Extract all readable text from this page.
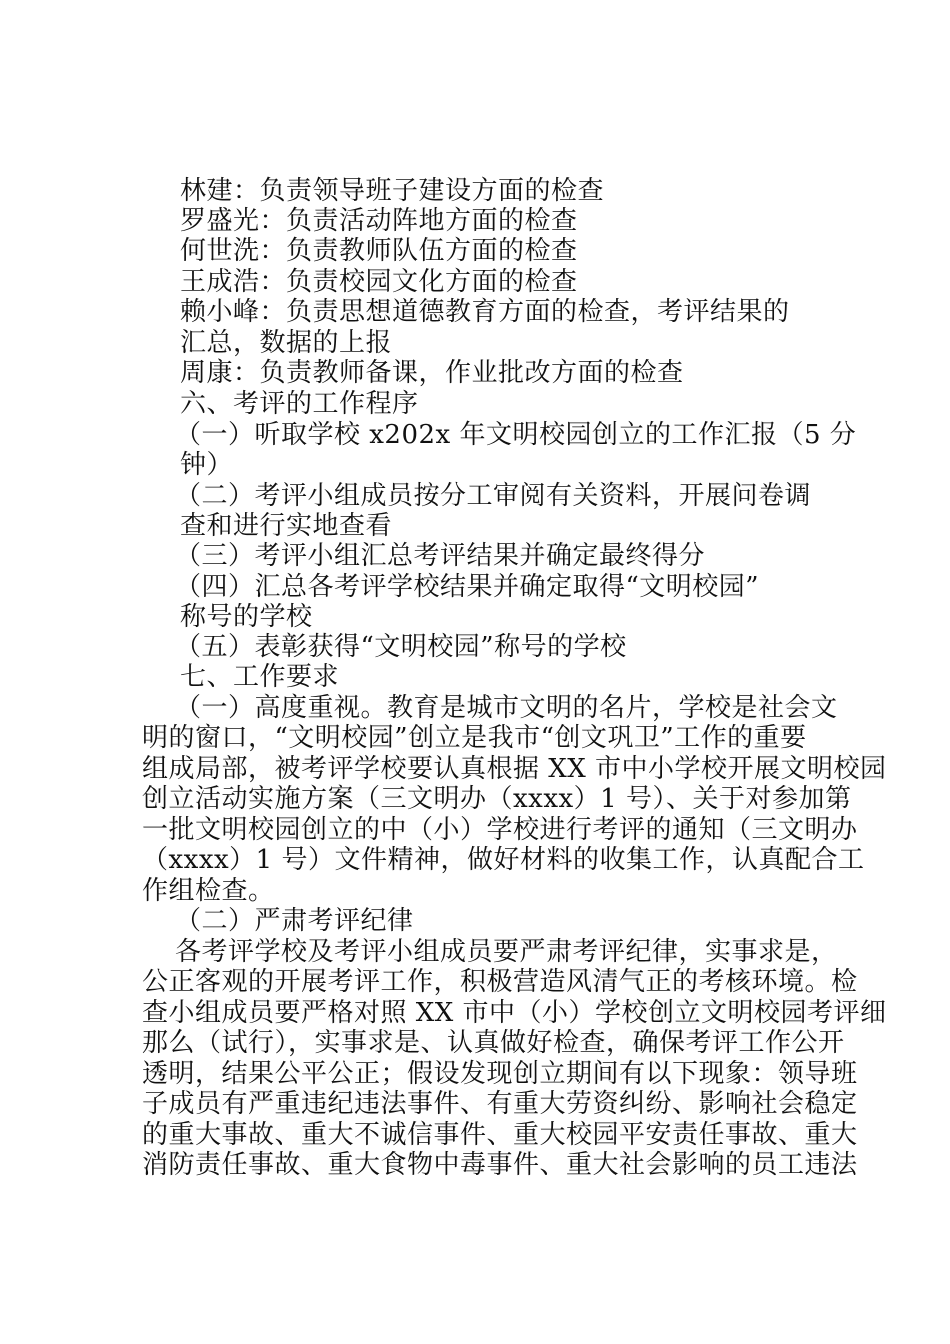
林建：负责领导班子建设方面的检查

罗盛光：负责活动阵地方面的检查

何世洗：负责教师队伍方面的检查

王成浩：负责校园文化方面的检查

赖小峰：负责思想道德教育方面的检查，考评结果的

汇总，数据的上报

周康：负责教师备课，作业批改方面的检查

六、考评的工作程序

（一）听取学校 x202x 年文明校园创立的工作汇报（5 分

钟）

（二）考评小组成员按分工审阅有关资料，开展问卷调

查和进行实地查看

（三）考评小组汇总考评结果并确定最终得分

（四）汇总各考评学校结果并确定取得“文明校园”

称号的学校

（五）表彰获得“文明校园”称号的学校

七、工作要求

（一）高度重视。教育是城市文明的名片，学校是社会文

明的窗口，“文明校园”创立是我市“创文巩卫”工作的重要

组成局部，被考评学校要认真根据 XX 市中小学校开展文明校园

创立活动实施方案（三文明办（xxxx）1 号）、关于对参加第

一批文明校园创立的中（小）学校进行考评的通知（三文明办

（xxxx）1 号）文件精神，做好材料的收集工作，认真配合工

作组检查。

（二）严肃考评纪律

各考评学校及考评小组成员要严肃考评纪律，实事求是，

公正客观的开展考评工作，积极营造风清气正的考核环境。检

查小组成员要严格对照 XX 市中（小）学校创立文明校园考评细

那么（试行），实事求是、认真做好检查，确保考评工作公开

透明，结果公平公正；假设发现创立期间有以下现象：领导班

子成员有严重违纪违法事件、有重大劳资纠纷、影响社会稳定

的重大事故、重大不诚信事件、重大校园平安责任事故、重大

消防责任事故、重大食物中毒事件、重大社会影响的员工违法
